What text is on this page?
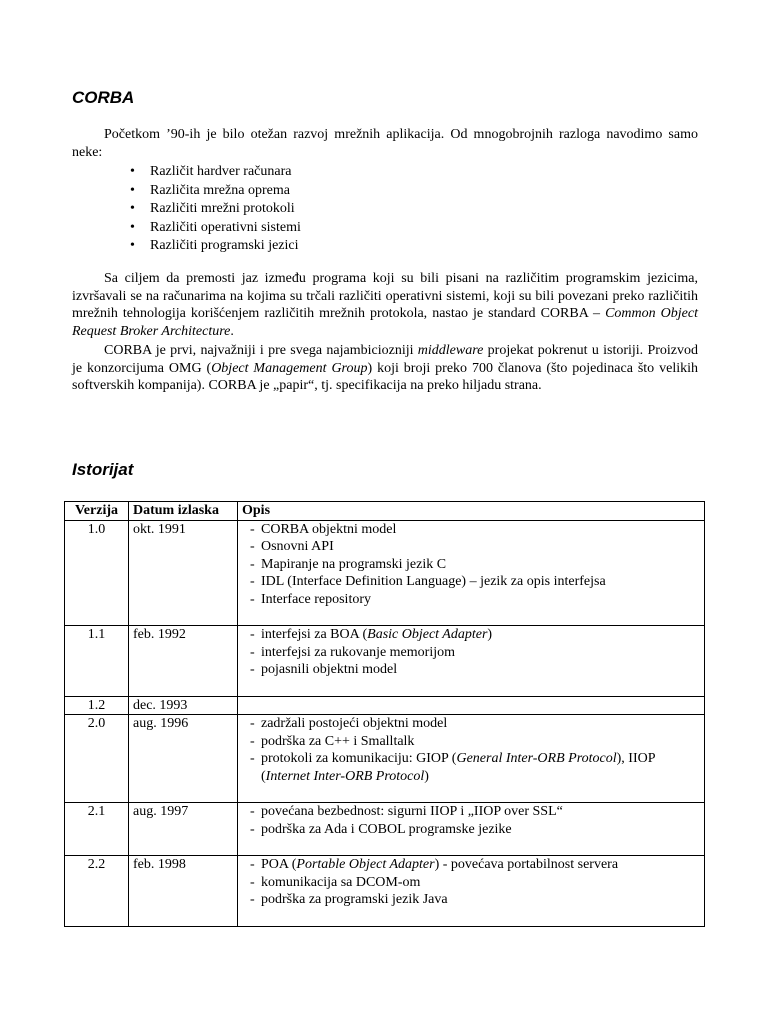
CORBA

Početkom ’90-ih je bilo otežan razvoj mrežnih aplikacija. Od mnogobrojnih razloga navodimo samo neke:

• Različit hardver računara
• Različita mrežna oprema
• Različiti mrežni protokoli
• Različiti operativni sistemi
• Različiti programski jezici

Sa ciljem da premosti jaz između programa koji su bili pisani na različitim programskim jezicima, izvršavali se na računarima na kojima su trčali različiti operativni sistemi, koji su bili povezani preko različitih mrežnih tehnologija korišćenjem različitih mrežnih protokola, nastao je standard CORBA – Common Object Request Broker Architecture.

CORBA je prvi, najvažniji i pre svega najambiciozniji middleware projekat pokrenut u istoriji. Proizvod je konzorcijuma OMG (Object Management Group) koji broji preko 700 članova (što pojedinaca što velikih softverskih kompanija). CORBA je „papir“, tj. specifikacija na preko hiljadu strana.

Istorijat
Verzija	Datum izlaska	Opis
1.0	okt. 1991	- CORBA objektni model
- Osnovni API
- Mapiranje na programski jezik C
- IDL (Interface Definition Language) – jezik za opis interfejsa
- Interface repository

1.1	feb. 1992	- interfejsi za BOA (Basic Object Adapter)
- interfejsi za rukovanje memorijom
- pojasnili objektni model

1.2	dec. 1993	
2.0	aug. 1996	- zadržali postojeći objektni model
- podrška za C++ i Smalltalk
- protokoli za komunikaciju: GIOP (General Inter-ORB Protocol), IIOP (Internet Inter-ORB Protocol)

2.1	aug. 1997	- povećana bezbednost: sigurni IIOP i „IIOP over SSL“
- podrška za Ada i COBOL programske jezike

2.2	feb. 1998	- POA (Portable Object Adapter) - povećava portabilnost servera
- komunikacija sa DCOM-om
- podrška za programski jezik Java
